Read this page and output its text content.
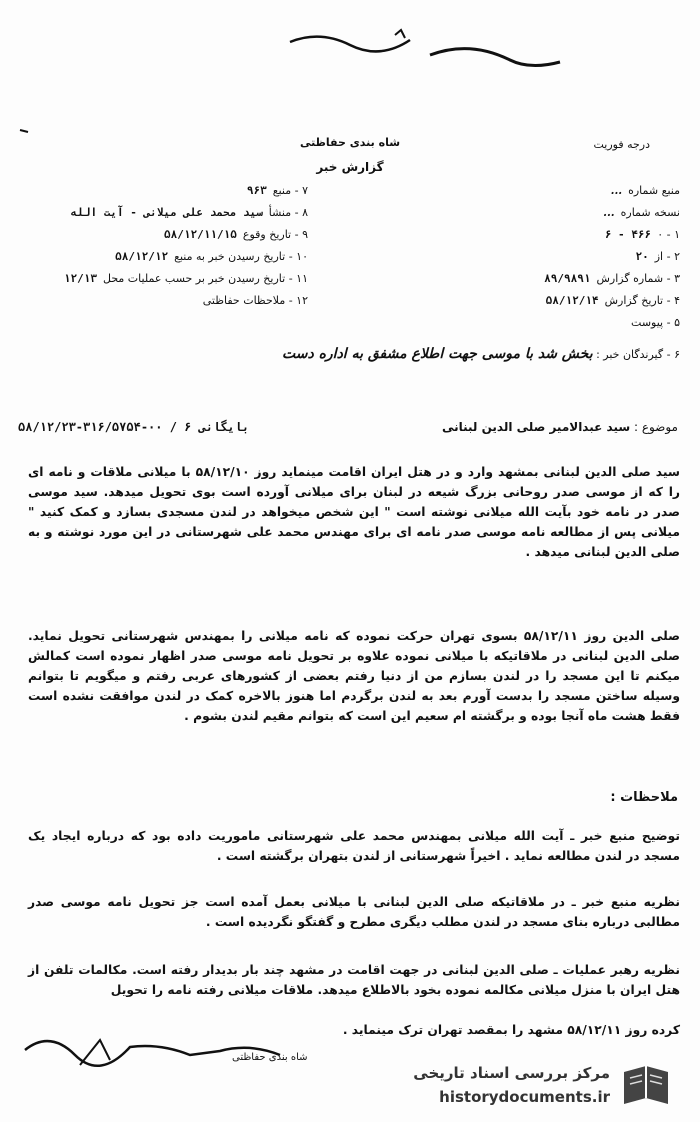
درجه فوریت
شاه بندی حفاظتی
گزارش خبر
منبع شماره
...
نسخه شماره
...
۱ - ۰
۴۶۶ - ۶
۲ - از
۲۰
۳ - شماره گزارش
۸۹/۹۸۹۱
۴ - تاریخ گزارش
۵۸/۱۲/۱۴
۵ - پیوست
۷ - منبع
۹۶۳
۸ - منشأ
سید محمد علی میلانی - آیت الله
۹ - تاریخ وقوع
۵۸/۱۲/۱۱/۱۵
۱۰ - تاریخ رسیدن خبر به منبع
۵۸/۱۲/۱۲
۱۱ - تاریخ رسیدن خبر بر حسب عملیات محل
۱۲/۱۳
۱۲ - ملاحظات حفاظتی
۶ - گیرندگان خبر : بخش شد با موسی جهت اطلاع مشفق به اداره دست
موضوع : سید عبدالامیر صلی الدین لبنانی
۵۸/۱۲/۲۳-۳۱۶/۵۷۵۴-۰۰ / ۶ بایگانی
سید صلی الدین لبنانی بمشهد وارد و در هتل ایران اقامت مینماید روز ۵۸/۱۲/۱۰ با میلانی ملاقات و نامه ای را که از موسی صدر روحانی بزرگ شیعه در لبنان برای میلانی آورده است بوی تحویل میدهد. سید موسی صدر در نامه خود بآیت الله میلانی نوشته است " این شخص میخواهد در لندن مسجدی بسازد و کمک کنید " میلانی پس از مطالعه نامه موسی صدر نامه ای برای مهندس محمد علی شهرستانی در این مورد نوشته و به صلی الدین لبنانی میدهد .
صلی الدین روز ۵۸/۱۲/۱۱ بسوی تهران حرکت نموده که نامه میلانی را بمهندس شهرستانی تحویل نماید. صلی الدین لبنانی در ملاقاتیکه با میلانی نموده علاوه بر تحویل نامه موسی صدر اظهار نموده است کمالش میکنم تا این مسجد را در لندن بسازم من از دنیا رفتم بعضی از کشورهای عربی رفتم و میگویم تا بتوانم وسیله ساختن مسجد را بدست آورم بعد به لندن برگردم اما هنوز بالاخره کمک در لندن موافقت نشده است فقط هشت ماه آنجا بوده و برگشته ام سعیم این است که بتوانم مقیم لندن بشوم .
ملاحظات :
توضیح منبع خبر ـ آیت الله میلانی بمهندس محمد علی شهرستانی ماموریت داده بود که درباره ایجاد یک مسجد در لندن مطالعه نماید . اخیراً شهرستانی از لندن بتهران برگشته است .
نظریه منبع خبر ـ در ملاقاتیکه صلی الدین لبنانی با میلانی بعمل آمده است جز تحویل نامه موسی صدر مطالبی درباره بنای مسجد در لندن مطلب دیگری مطرح و گفتگو نگردیده است .
نظریه رهبر عملیات ـ صلی الدین لبنانی در جهت اقامت در مشهد چند بار بدیدار رفته است. مکالمات تلفن از هتل ایران با منزل میلانی مکالمه نموده بخود بالاطلاع میدهد. ملاقات میلانی رفته نامه را تحویل
کرده روز ۵۸/۱۲/۱۱ مشهد را بمقصد تهران ترک مینماید .
شاه بندی حفاظتی
مرکز بررسی اسناد تاریخی
historydocuments.ir
